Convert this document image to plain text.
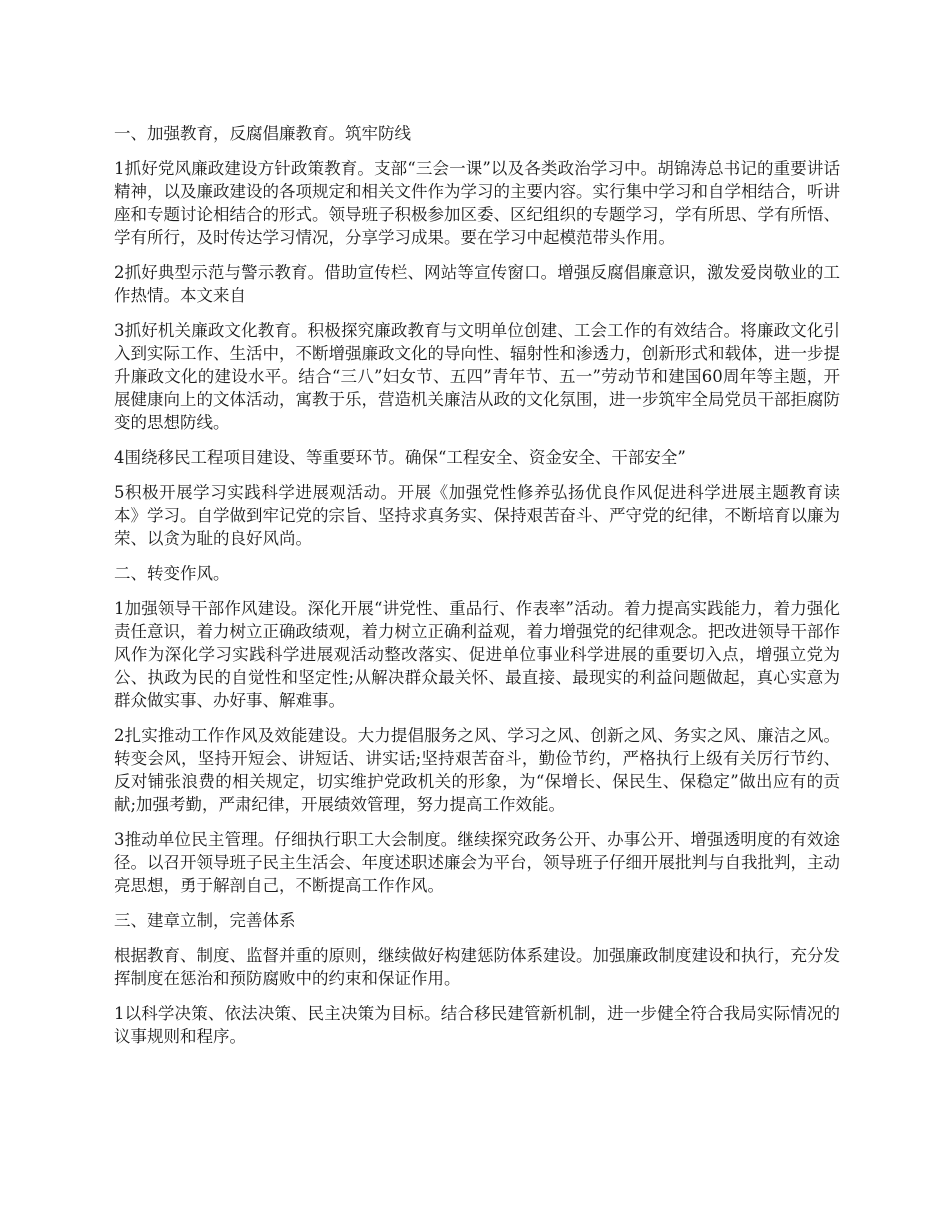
一、加强教育，反腐倡廉教育。筑牢防线

1抓好党风廉政建设方针政策教育。支部“三会一课”以及各类政治学习中。胡锦涛总书记的重要讲话精神，以及廉政建设的各项规定和相关文件作为学习的主要内容。实行集中学习和自学相结合，听讲座和专题讨论相结合的形式。领导班子积极参加区委、区纪组织的专题学习，学有所思、学有所悟、学有所行，及时传达学习情况，分享学习成果。要在学习中起模范带头作用。

2抓好典型示范与警示教育。借助宣传栏、网站等宣传窗口。增强反腐倡廉意识，激发爱岗敬业的工作热情。本文来自

3抓好机关廉政文化教育。积极探究廉政教育与文明单位创建、工会工作的有效结合。将廉政文化引入到实际工作、生活中，不断增强廉政文化的导向性、辐射性和渗透力，创新形式和载体，进一步提升廉政文化的建设水平。结合“三八”妇女节、五四”青年节、五一”劳动节和建国60周年等主题，开展健康向上的文体活动，寓教于乐，营造机关廉洁从政的文化氛围，进一步筑牢全局党员干部拒腐防变的思想防线。

4围绕移民工程项目建设、等重要环节。确保“工程安全、资金安全、干部安全”

5积极开展学习实践科学进展观活动。开展《加强党性修养弘扬优良作风促进科学进展主题教育读本》学习。自学做到牢记党的宗旨、坚持求真务实、保持艰苦奋斗、严守党的纪律，不断培育以廉为荣、以贪为耻的良好风尚。

二、转变作风。

1加强领导干部作风建设。深化开展“讲党性、重品行、作表率”活动。着力提高实践能力，着力强化责任意识，着力树立正确政绩观，着力树立正确利益观，着力增强党的纪律观念。把改进领导干部作风作为深化学习实践科学进展观活动整改落实、促进单位事业科学进展的重要切入点，增强立党为公、执政为民的自觉性和坚定性;从解决群众最关怀、最直接、最现实的利益问题做起，真心实意为群众做实事、办好事、解难事。

2扎实推动工作作风及效能建设。大力提倡服务之风、学习之风、创新之风、务实之风、廉洁之风。转变会风，坚持开短会、讲短话、讲实话;坚持艰苦奋斗，勤俭节约，严格执行上级有关厉行节约、反对铺张浪费的相关规定，切实维护党政机关的形象，为“保增长、保民生、保稳定”做出应有的贡献;加强考勤，严肃纪律，开展绩效管理，努力提高工作效能。

3推动单位民主管理。仔细执行职工大会制度。继续探究政务公开、办事公开、增强透明度的有效途径。以召开领导班子民主生活会、年度述职述廉会为平台，领导班子仔细开展批判与自我批判，主动亮思想，勇于解剖自己，不断提高工作作风。

三、建章立制，完善体系

根据教育、制度、监督并重的原则，继续做好构建惩防体系建设。加强廉政制度建设和执行，充分发挥制度在惩治和预防腐败中的约束和保证作用。

1以科学决策、依法决策、民主决策为目标。结合移民建管新机制，进一步健全符合我局实际情况的议事规则和程序。
